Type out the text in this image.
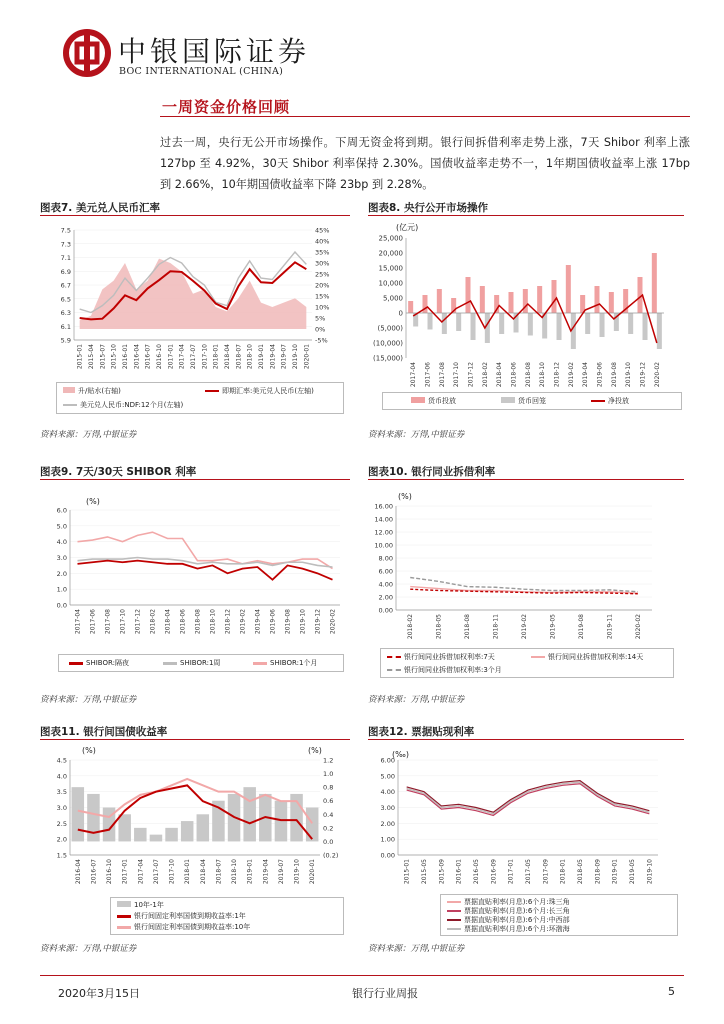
中银国际证券
BOC INTERNATIONAL (CHINA)
一周资金价格回顾
过去一周，央行无公开市场操作。下周无资金将到期。银行间拆借利率走势上涨，7天 Shibor 利率上涨 127bp 至 4.92%，30天 Shibor 利率保持 2.30%。国债收益率走势不一，1年期国债收益率上涨 17bp 到 2.66%，10年期国债收益率下降 23bp 到 2.28%。
图表7. 美元兑人民币汇率	图表8. 央行公开市场操作
图表9. 7天/30天 SHIBOR 利率	图表10. 银行同业拆借利率
图表11. 银行间国债收益率	图表12. 票据贴现利率
(亿元)
(%)
(%)
(%)	(%)	(‰)
7.5
7.3
7.1
6.9
6.7
6.5
6.3
6.1
5.9
45%
40%
35%
30%
25%
20%
15%
10%
5%
0%
-5%
2015-01 2015-04 2015-07 2015-10 2016-01 2016-04 2016-07 2016-10 2017-01 2017-04 2017-07 2017-10 2018-01 2018-04 2018-07 2018-10 2019-01 2019-04 2019-07 2019-10 2020-01
25,000
20,000
15,000
10,000
5,000
0
(5,000)
(10,000)
(15,000)
2017-04 2017-06 2017-08 2017-10 2017-12 2018-02 2018-04 2018-06 2018-08 2018-10 2018-12 2019-02 2019-04 2019-06 2019-08 2019-10 2019-12 2020-02
6.0
5.0
4.0
3.0
2.0
1.0
0.0
2017-04 2017-06 2017-08 2017-10 2017-12 2018-02 2018-04 2018-06 2018-08 2018-10 2018-12 2019-02 2019-04 2019-06 2019-08 2019-10 2019-12 2020-02
16.00
14.00
12.00
10.00
8.00
6.00
4.00
2.00
0.00
2018-02	2018-05	2018-08	2018-11	2019-02	2019-05	2019-08	2019-11	2020-02
4.5
4.0
3.5
3.0
2.5
2.0
1.5
1.2
1.0
0.8
0.6
0.4
0.2
0.0
(0.2)
2016-04 2016-07 2016-10 2017-01 2017-04 2017-07 2017-10 2018-01 2018-04 2018-07 2018-10 2019-01 2019-04 2019-07 2019-10 2020-01
6.00
5.00
4.00
3.00
2.00
1.00
0.00
2015-01 2015-05 2015-09 2016-01 2016-05 2016-09 2017-01 2017-05 2017-09 2018-01 2018-05 2018-09 2019-01 2019-05 2019-10
升/贴水(右轴)	即期汇率:美元兑人民币(左轴)
美元兑人民币:NDF:12个月(左轴)	货币投放	货币回笼	净投放
SHIBOR:隔夜	SHIBOR:1周	SHIBOR:1个月
银行间同业拆借加权利率:7天	银行间同业拆借加权利率:14天
银行间同业拆借加权利率:3个月
10年-1年
银行间固定利率国债到期收益率:1年
银行间固定利率国债到期收益率:10年
票据直贴利率(月息):6个月:珠三角
票据直贴利率(月息):6个月:长三角
票据直贴利率(月息):6个月:中西部
票据直贴利率(月息):6个月:环渤海
资料来源：万得,中银证券	资料来源：万得,中银证券
资料来源：万得,中银证券	资料来源：万得,中银证券
资料来源：万得,中银证券	资料来源：万得,中银证券
2020年3月15日	银行行业周报	5
